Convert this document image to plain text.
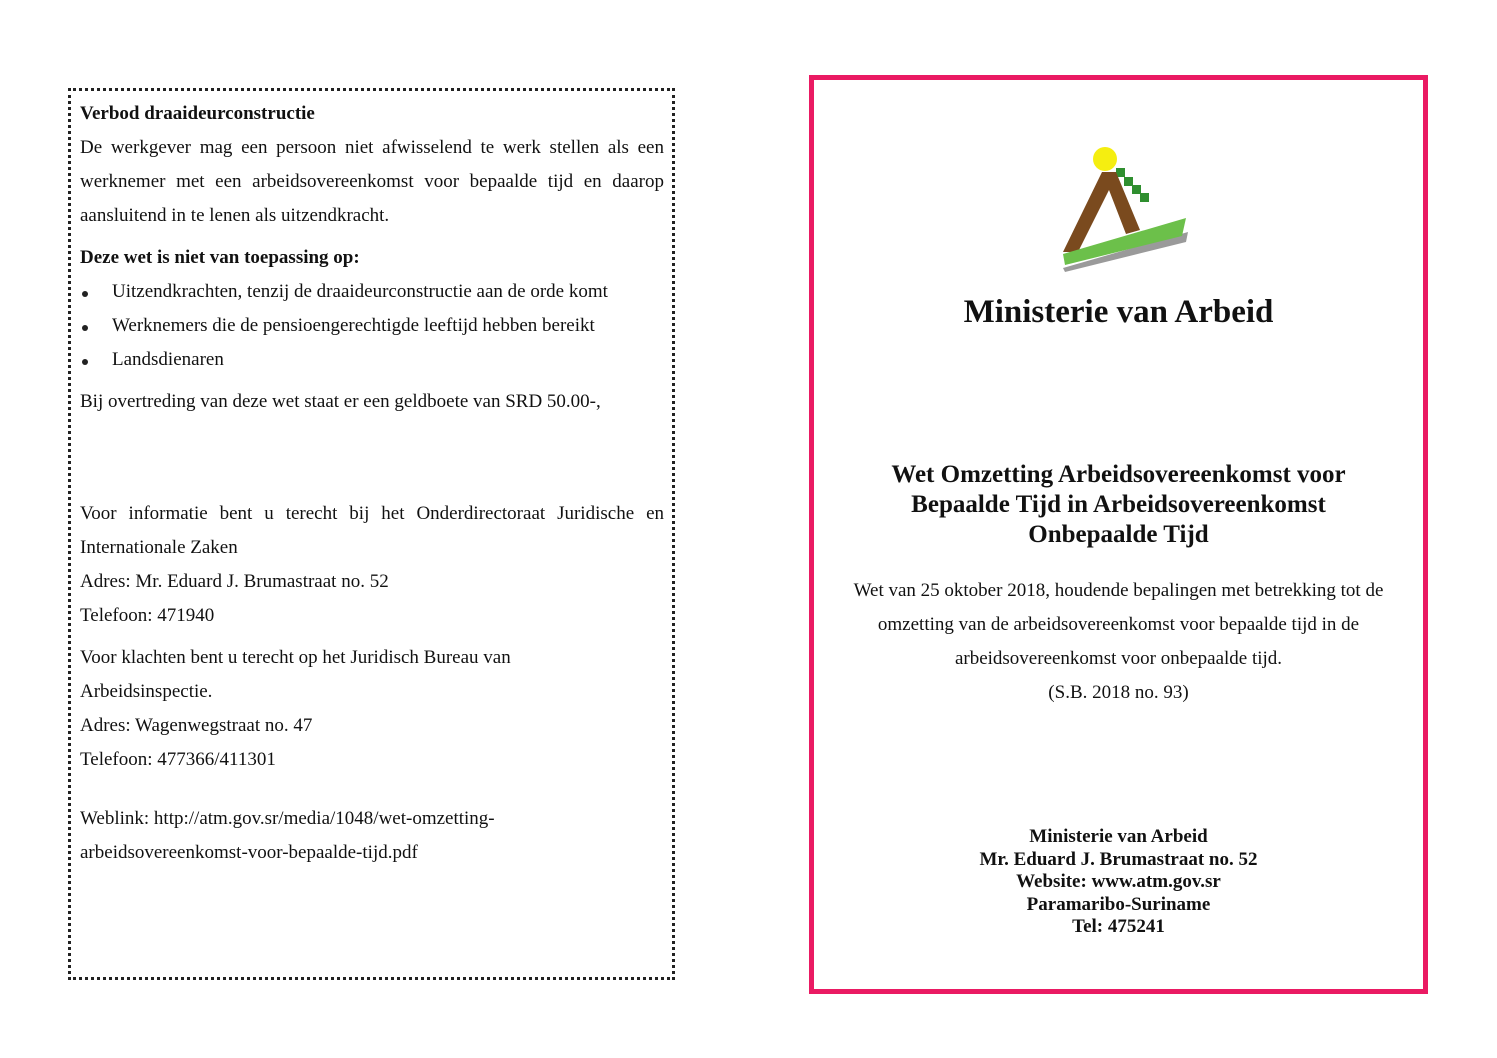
Verbod draaideurconstructie

De werkgever mag een persoon niet afwisselend te werk stellen als een werknemer met een arbeidsovereenkomst voor bepaalde tijd en daarop aansluitend in te lenen als uitzendkracht.

Deze wet is niet van toepassing op:

Uitzendkrachten, tenzij de draaideurconstructie aan de orde komt
Werknemers die de pensioengerechtigde leeftijd hebben bereikt
Landsdienaren

Bij overtreding van deze wet staat er een geldboete van SRD 50.00-,

Voor informatie bent u terecht bij het Onderdirectoraat Juridische en Internationale Zaken

Adres: Mr. Eduard J. Brumastraat no. 52

Telefoon: 471940

Voor klachten bent u terecht op het Juridisch Bureau van Arbeidsinspectie.

Adres: Wagenwegstraat no. 47

Telefoon: 477366/411301

Weblink: http://atm.gov.sr/media/1048/wet-omzetting-

arbeidsovereenkomst-voor-bepaalde-tijd.pdf

Ministerie van Arbeid
Wet Omzetting Arbeidsovereenkomst voor
Bepaalde Tijd in Arbeidsovereenkomst
Onbepaalde Tijd
Wet van 25 oktober 2018, houdende bepalingen met betrekking tot de
omzetting van de arbeidsovereenkomst voor bepaalde tijd in de
arbeidsovereenkomst voor onbepaalde tijd.
(S.B. 2018 no. 93)
Ministerie van Arbeid
Mr. Eduard J. Brumastraat no. 52
Website: www.atm.gov.sr
Paramaribo-Suriname
Tel: 475241
